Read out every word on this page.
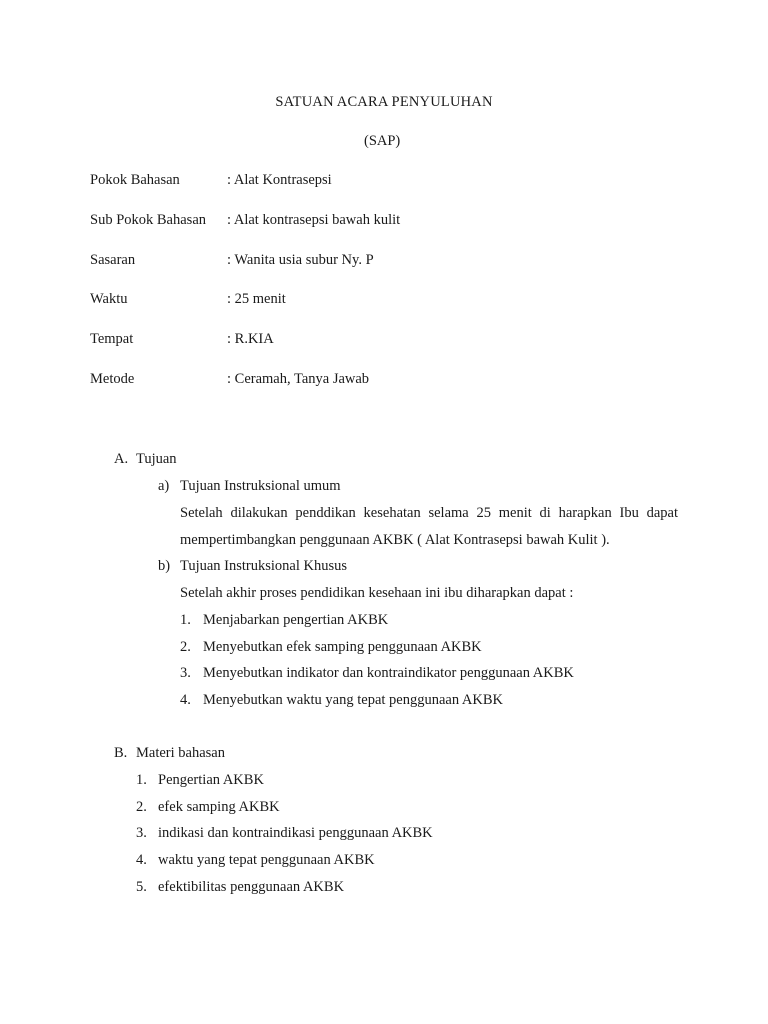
SATUAN ACARA PENYULUHAN
(SAP)
Pokok Bahasan	: Alat Kontrasepsi
Sub Pokok Bahasan : Alat kontrasepsi bawah kulit
Sasaran	: Wanita usia subur Ny. P
Waktu	: 25 menit
Tempat	: R.KIA
Metode	: Ceramah, Tanya Jawab
A. Tujuan
a) Tujuan Instruksional umum
Setelah dilakukan penddikan kesehatan selama 25 menit di harapkan Ibu dapat
mempertimbangkan penggunaan AKBK ( Alat Kontrasepsi bawah Kulit ).
b) Tujuan Instruksional Khusus
Setelah akhir proses pendidikan kesehaan ini ibu diharapkan dapat :
1. Menjabarkan pengertian AKBK
2. Menyebutkan efek samping penggunaan AKBK
3. Menyebutkan indikator dan kontraindikator penggunaan AKBK
4. Menyebutkan waktu yang tepat penggunaan AKBK
B. Materi bahasan
1. Pengertian AKBK
2. efek samping AKBK
3. indikasi dan kontraindikasi penggunaan AKBK
4. waktu yang tepat penggunaan AKBK
5. efektibilitas penggunaan AKBK
